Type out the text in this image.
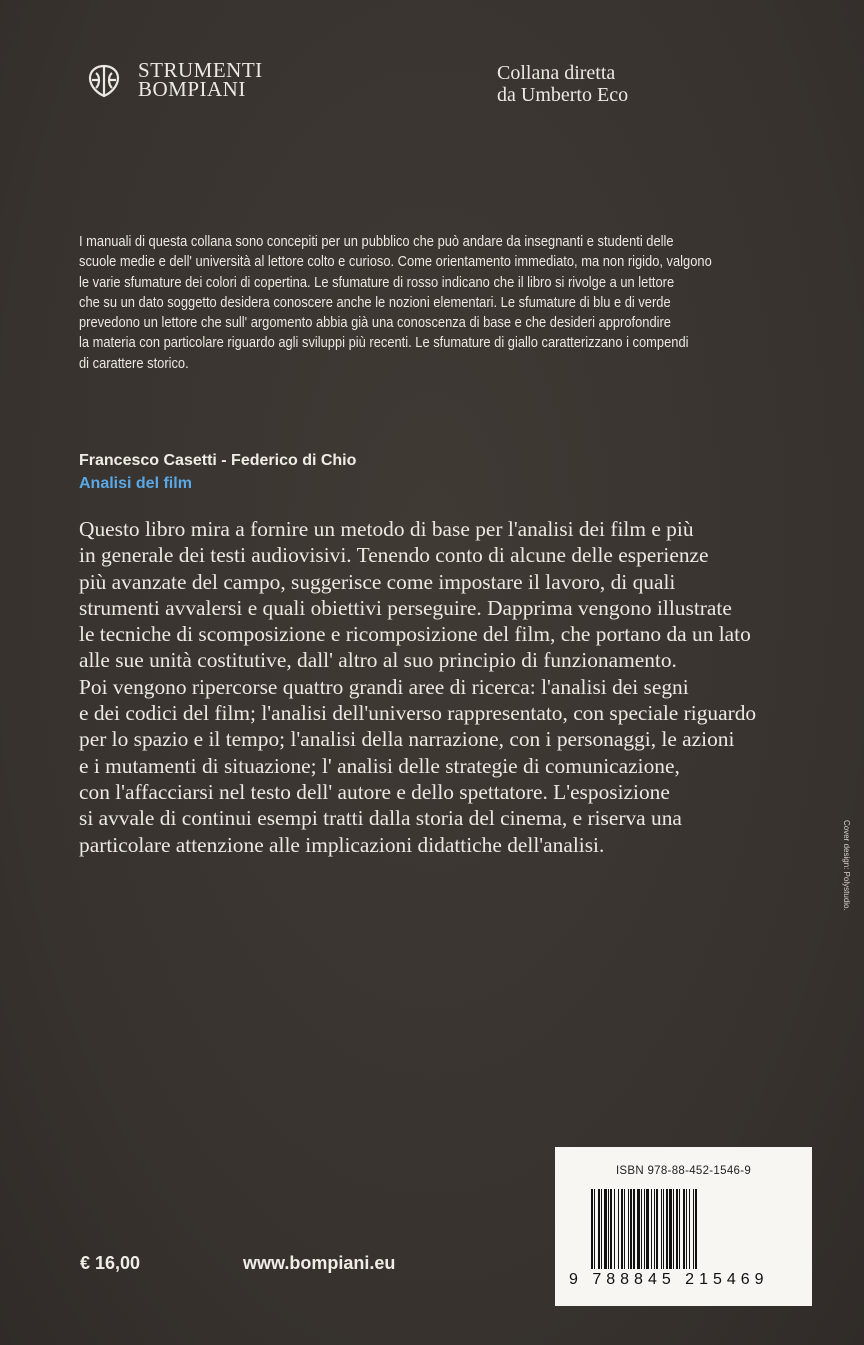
STRUMENTI
BOMPIANI
Collana diretta
da Umberto Eco
I manuali di questa collana sono concepiti per un pubblico che può andare da insegnanti e studenti delle
scuole medie e dell' università al lettore colto e curioso. Come orientamento immediato, ma non rigido, valgono
le varie sfumature dei colori di copertina. Le sfumature di rosso indicano che il libro si rivolge a un lettore
che su un dato soggetto desidera conoscere anche le nozioni elementari. Le sfumature di blu e di verde
prevedono un lettore che sull' argomento abbia già una conoscenza di base e che desideri approfondire
la materia con particolare riguardo agli sviluppi più recenti. Le sfumature di giallo caratterizzano i compendi
di carattere storico.
Francesco Casetti - Federico di Chio
Analisi del film
Questo libro mira a fornire un metodo di base per l'analisi dei film e più
in generale dei testi audiovisivi. Tenendo conto di alcune delle esperienze
più avanzate del campo, suggerisce come impostare il lavoro, di quali
strumenti avvalersi e quali obiettivi perseguire. Dapprima vengono illustrate
le tecniche di scomposizione e ricomposizione del film, che portano da un lato
alle sue unità costitutive, dall' altro al suo principio di funzionamento.
Poi vengono ripercorse quattro grandi aree di ricerca: l'analisi dei segni
e dei codici del film; l'analisi dell'universo rappresentato, con speciale riguardo
per lo spazio e il tempo; l'analisi della narrazione, con i personaggi, le azioni
e i mutamenti di situazione; l' analisi delle strategie di comunicazione,
con l'affacciarsi nel testo dell' autore e dello spettatore. L'esposizione
si avvale di continui esempi tratti dalla storia del cinema, e riserva una
particolare attenzione alle implicazioni didattiche dell'analisi.	Cover design: Polystudio.
€ 16,00	www.bompiani.eu
ISBN 978-88-452-1546-9
9 788845 215469
